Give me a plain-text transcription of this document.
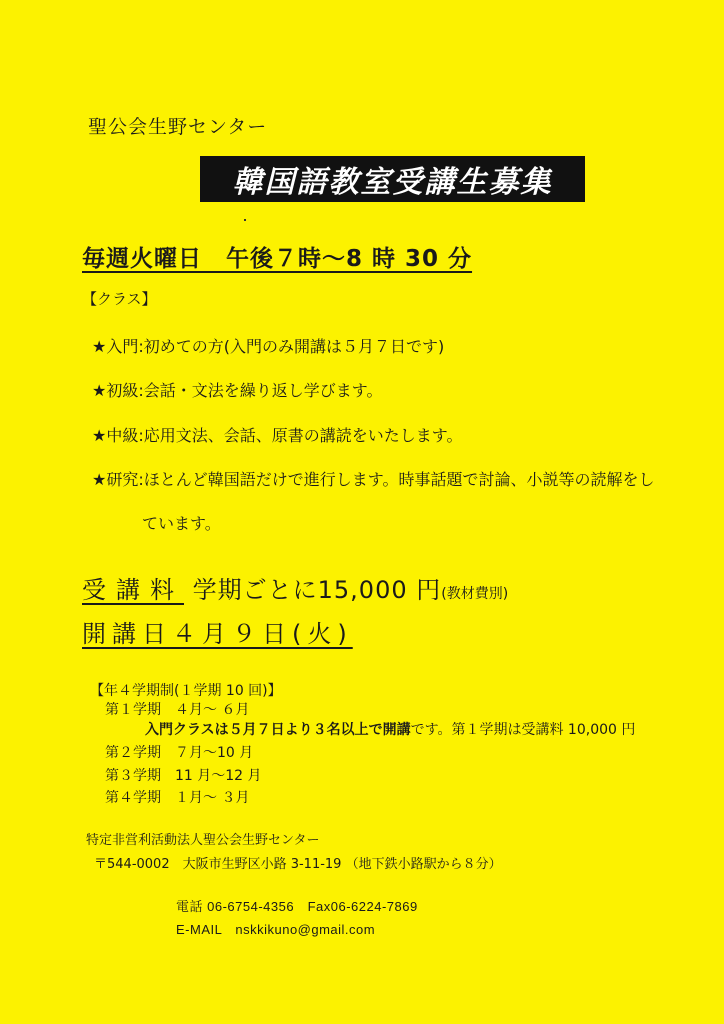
聖公会生野センター
韓国語教室受講生募集
毎週火曜日　午後７時～8 時 30 分
【クラス】
★入門:初めての方(入門のみ開講は５月７日です)
★初級:会話・文法を繰り返し学びます。
★中級:応用文法、会話、原書の講読をいたします。
★研究:ほとんど韓国語だけで進行します。時事話題で討論、小説等の読解をし
ています。
受講料 学期ごとに15,000 円(教材費別)
開講日４月９日(火)
【年４学期制(１学期 10 回)】
第１学期　４月～ ６月
入門クラスは５月７日より３名以上で開講です。第１学期は受講料 10,000 円
第２学期　７月～10 月
第３学期　11 月～12 月
第４学期　１月～ ３月
特定非営利活動法人聖公会生野センター
〒544-0002　大阪市生野区小路 3-11-19 （地下鉄小路駅から８分）
電話 06-6754-4356　Fax06-6224-7869
E-MAIL　nskkikuno@gmail.com
